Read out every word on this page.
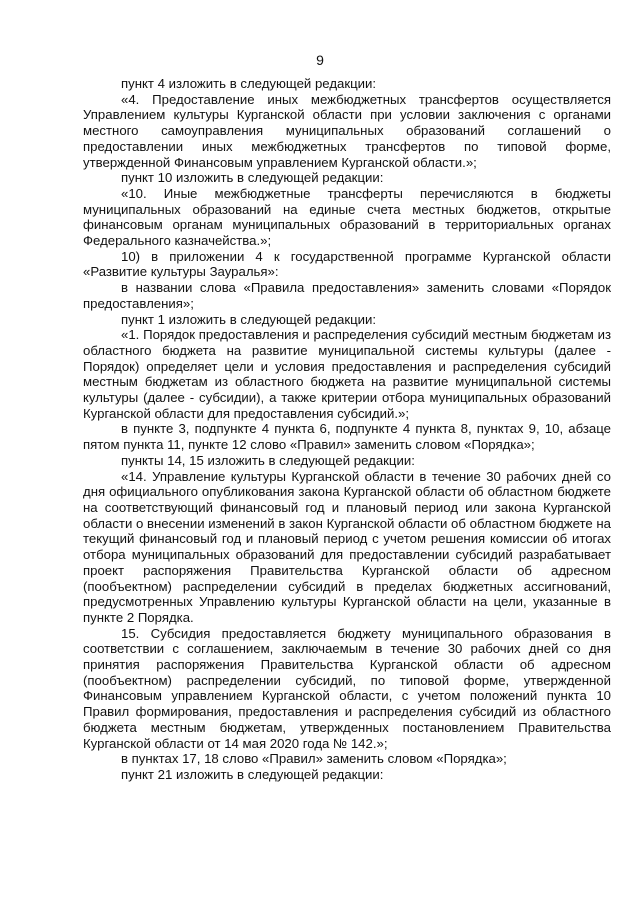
9

пункт 4 изложить в следующей редакции:

«4. Предоставление иных межбюджетных трансфертов осуществляется Управлением культуры Курганской области при условии заключения с органами местного самоуправления муниципальных образований соглашений о предоставлении иных межбюджетных трансфертов по типовой форме, утвержденной Финансовым управлением Курганской области.»;

пункт 10 изложить в следующей редакции:

«10. Иные межбюджетные трансферты перечисляются в бюджеты муниципальных образований на единые счета местных бюджетов, открытые финансовым органам муниципальных образований в территориальных органах Федерального казначейства.»;

10) в приложении 4 к государственной программе Курганской области «Развитие культуры Зауралья»:

в названии слова «Правила предоставления» заменить словами «Порядок предоставления»;

пункт 1 изложить в следующей редакции:

«1. Порядок предоставления и распределения субсидий местным бюджетам из областного бюджета на развитие муниципальной системы культуры (далее - Порядок) определяет цели и условия предоставления и распределения субсидий местным бюджетам из областного бюджета на развитие муниципальной системы культуры (далее - субсидии), а также критерии отбора муниципальных образований Курганской области для предоставления субсидий.»;

в пункте 3, подпункте 4 пункта 6, подпункте 4 пункта 8, пунктах 9, 10, абзаце пятом пункта 11, пункте 12 слово «Правил» заменить словом «Порядка»;

пункты 14, 15 изложить в следующей редакции:

«14. Управление культуры Курганской области в течение 30 рабочих дней со дня официального опубликования закона Курганской области об областном бюджете на соответствующий финансовый год и плановый период или закона Курганской области о внесении изменений в закон Курганской области об областном бюджете на текущий финансовый год и плановый период с учетом решения комиссии об итогах отбора муниципальных образований для предоставлении субсидий разрабатывает проект распоряжения Правительства Курганской области об адресном (пообъектном) распределении субсидий в пределах бюджетных ассигнований, предусмотренных Управлению культуры Курганской области на цели, указанные в пункте 2 Порядка.

15. Субсидия предоставляется бюджету муниципального образования в соответствии с соглашением, заключаемым в течение 30 рабочих дней со дня принятия распоряжения Правительства Курганской области об адресном (пообъектном) распределении субсидий, по типовой форме, утвержденной Финансовым управлением Курганской области, с учетом положений пункта 10 Правил формирования, предоставления и распределения субсидий из областного бюджета местным бюджетам, утвержденных постановлением Правительства Курганской области от 14 мая 2020 года № 142.»;

в пунктах 17, 18 слово «Правил» заменить словом «Порядка»;

пункт 21 изложить в следующей редакции:
